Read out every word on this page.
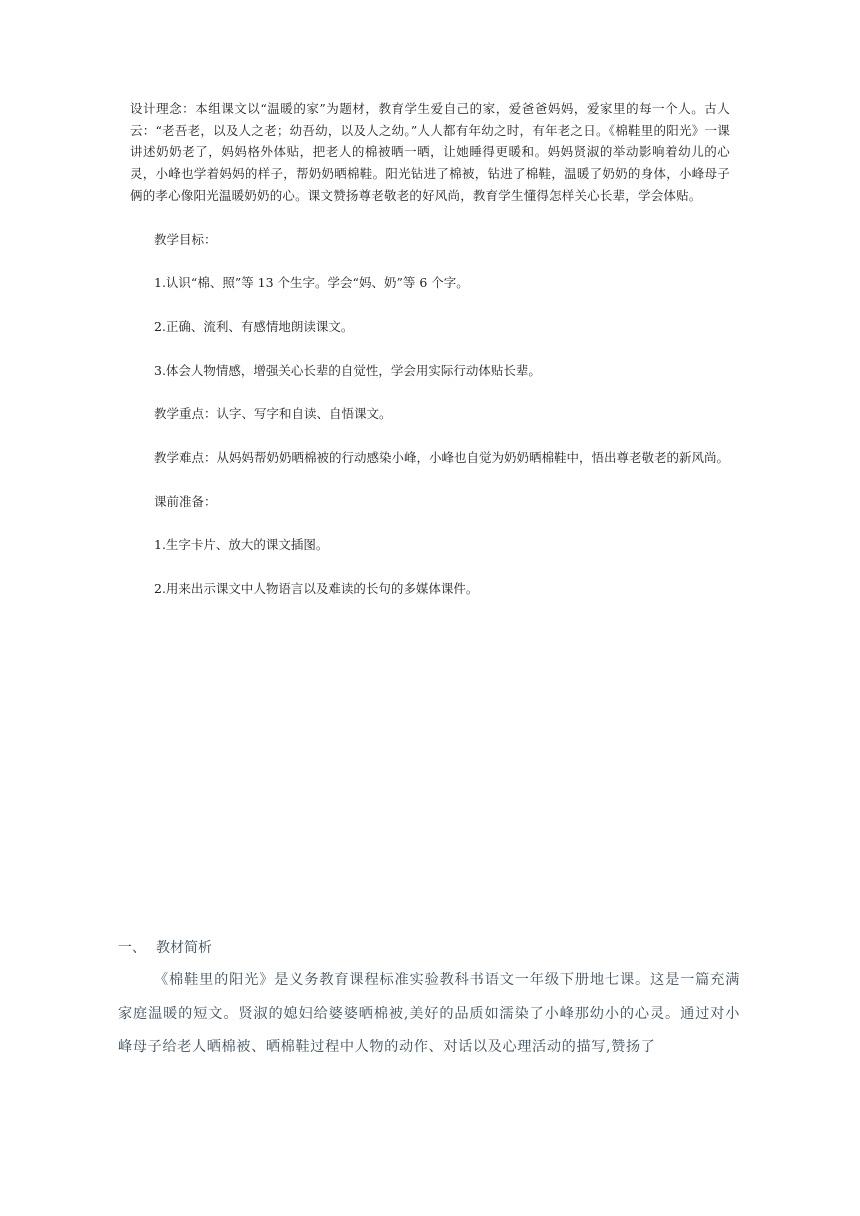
设计理念：本组课文以“温暖的家”为题材，教育学生爱自己的家，爱爸爸妈妈，爱家里的每一个人。古人云：“老吾老，以及人之老；幼吾幼，以及人之幼。”人人都有年幼之时，有年老之日。《棉鞋里的阳光》一课讲述奶奶老了，妈妈格外体贴，把老人的棉被晒一晒，让她睡得更暖和。妈妈贤淑的举动影响着幼儿的心灵，小峰也学着妈妈的样子，帮奶奶晒棉鞋。阳光钻进了棉被，钻进了棉鞋，温暖了奶奶的身体，小峰母子俩的孝心像阳光温暖奶奶的心。课文赞扬尊老敬老的好风尚，教育学生懂得怎样关心长辈，学会体贴。

教学目标：

1.认识“棉、照”等 13 个生字。学会“妈、奶”等 6 个字。

2.正确、流利、有感情地朗读课文。

3.体会人物情感，增强关心长辈的自觉性，学会用实际行动体贴长辈。

教学重点：认字、写字和自读、自悟课文。

教学难点：从妈妈帮奶奶晒棉被的行动感染小峰，小峰也自觉为奶奶晒棉鞋中，悟出尊老敬老的新风尚。

课前准备：

1.生字卡片、放大的课文插图。

2.用来出示课文中人物语言以及难读的长句的多媒体课件。

一、 教材简析

《棉鞋里的阳光》是义务教育课程标准实验教科书语文一年级下册地七课。这是一篇充满家庭温暖的短文。贤淑的媳妇给婆婆晒棉被,美好的品质如濡染了小峰那幼小的心灵。通过对小峰母子给老人晒棉被、晒棉鞋过程中人物的动作、对话以及心理活动的描写,赞扬了
